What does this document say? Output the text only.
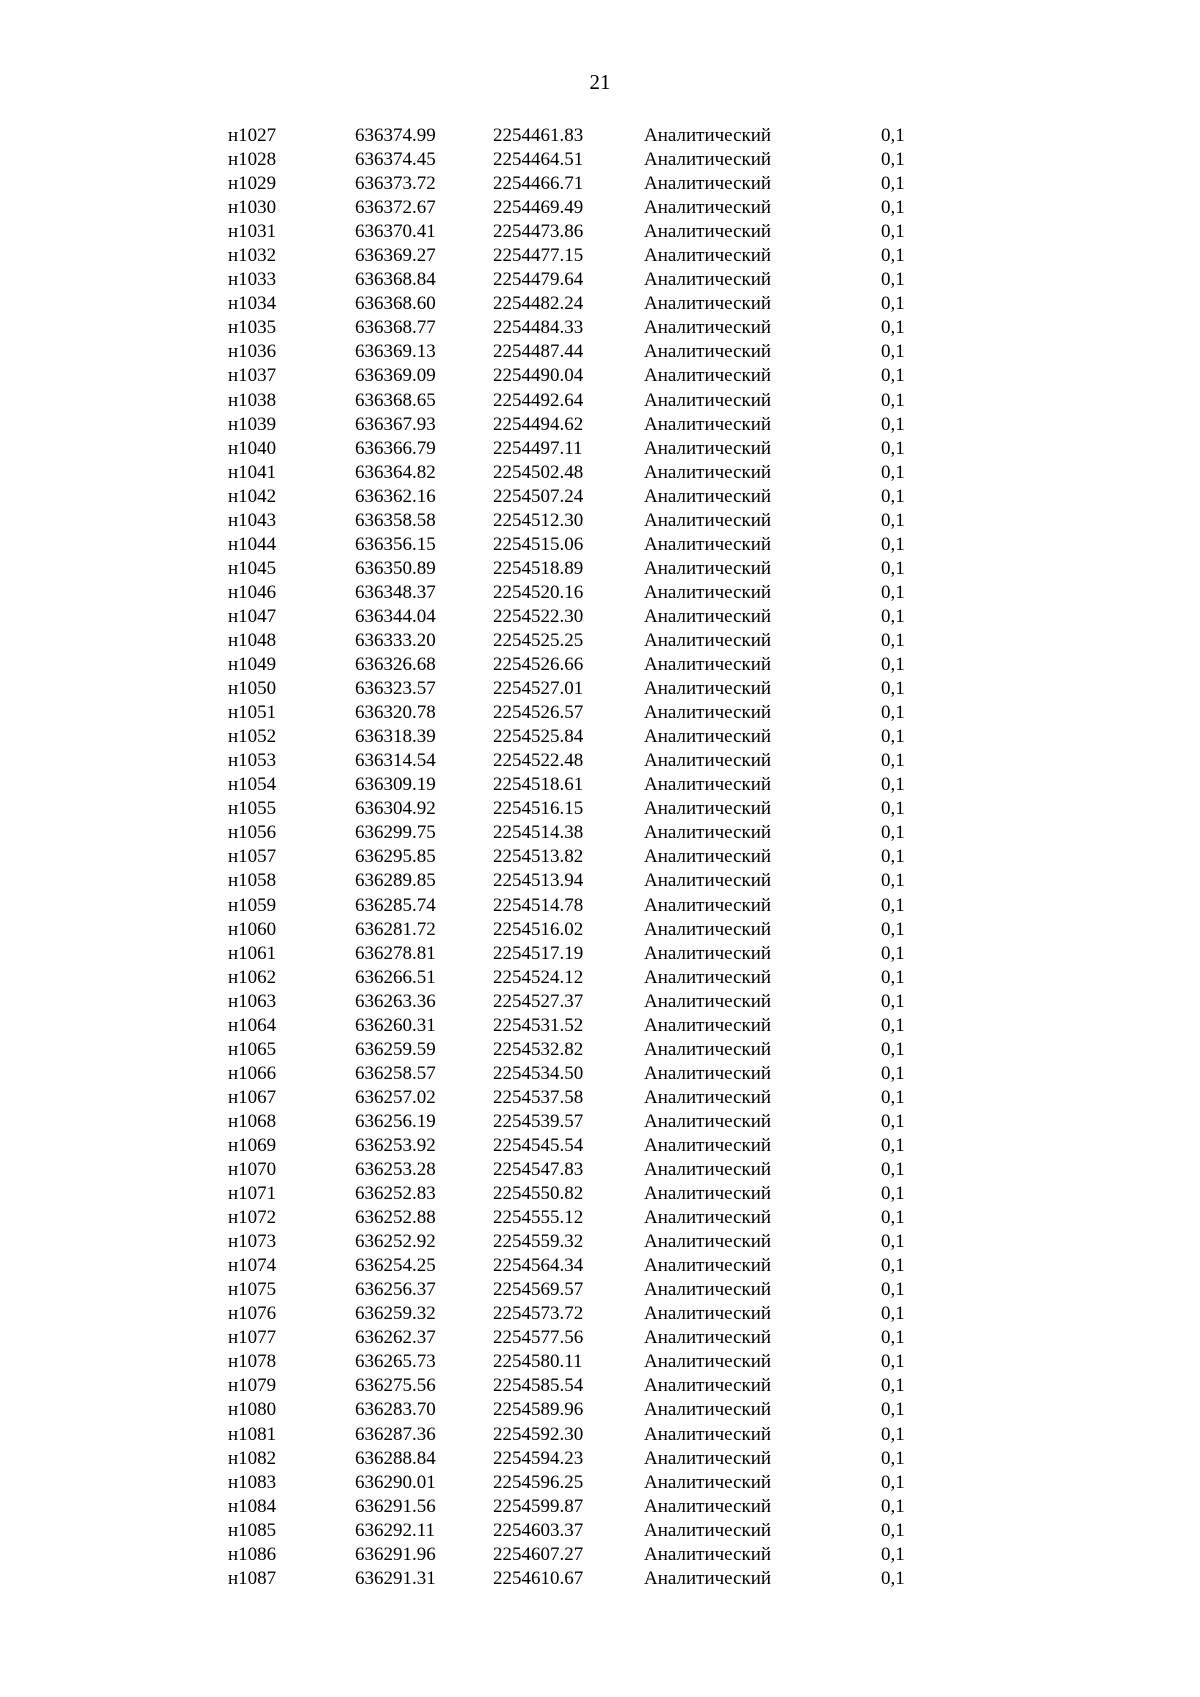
21
н1027	636374.99	2254461.83	Аналитический	0,1
н1028	636374.45	2254464.51	Аналитический	0,1
н1029	636373.72	2254466.71	Аналитический	0,1
н1030	636372.67	2254469.49	Аналитический	0,1
н1031	636370.41	2254473.86	Аналитический	0,1
н1032	636369.27	2254477.15	Аналитический	0,1
н1033	636368.84	2254479.64	Аналитический	0,1
н1034	636368.60	2254482.24	Аналитический	0,1
н1035	636368.77	2254484.33	Аналитический	0,1
н1036	636369.13	2254487.44	Аналитический	0,1
н1037	636369.09	2254490.04	Аналитический	0,1
н1038	636368.65	2254492.64	Аналитический	0,1
н1039	636367.93	2254494.62	Аналитический	0,1
н1040	636366.79	2254497.11	Аналитический	0,1
н1041	636364.82	2254502.48	Аналитический	0,1
н1042	636362.16	2254507.24	Аналитический	0,1
н1043	636358.58	2254512.30	Аналитический	0,1
н1044	636356.15	2254515.06	Аналитический	0,1
н1045	636350.89	2254518.89	Аналитический	0,1
н1046	636348.37	2254520.16	Аналитический	0,1
н1047	636344.04	2254522.30	Аналитический	0,1
н1048	636333.20	2254525.25	Аналитический	0,1
н1049	636326.68	2254526.66	Аналитический	0,1
н1050	636323.57	2254527.01	Аналитический	0,1
н1051	636320.78	2254526.57	Аналитический	0,1
н1052	636318.39	2254525.84	Аналитический	0,1
н1053	636314.54	2254522.48	Аналитический	0,1
н1054	636309.19	2254518.61	Аналитический	0,1
н1055	636304.92	2254516.15	Аналитический	0,1
н1056	636299.75	2254514.38	Аналитический	0,1
н1057	636295.85	2254513.82	Аналитический	0,1
н1058	636289.85	2254513.94	Аналитический	0,1
н1059	636285.74	2254514.78	Аналитический	0,1
н1060	636281.72	2254516.02	Аналитический	0,1
н1061	636278.81	2254517.19	Аналитический	0,1
н1062	636266.51	2254524.12	Аналитический	0,1
н1063	636263.36	2254527.37	Аналитический	0,1
н1064	636260.31	2254531.52	Аналитический	0,1
н1065	636259.59	2254532.82	Аналитический	0,1
н1066	636258.57	2254534.50	Аналитический	0,1
н1067	636257.02	2254537.58	Аналитический	0,1
н1068	636256.19	2254539.57	Аналитический	0,1
н1069	636253.92	2254545.54	Аналитический	0,1
н1070	636253.28	2254547.83	Аналитический	0,1
н1071	636252.83	2254550.82	Аналитический	0,1
н1072	636252.88	2254555.12	Аналитический	0,1
н1073	636252.92	2254559.32	Аналитический	0,1
н1074	636254.25	2254564.34	Аналитический	0,1
н1075	636256.37	2254569.57	Аналитический	0,1
н1076	636259.32	2254573.72	Аналитический	0,1
н1077	636262.37	2254577.56	Аналитический	0,1
н1078	636265.73	2254580.11	Аналитический	0,1
н1079	636275.56	2254585.54	Аналитический	0,1
н1080	636283.70	2254589.96	Аналитический	0,1
н1081	636287.36	2254592.30	Аналитический	0,1
н1082	636288.84	2254594.23	Аналитический	0,1
н1083	636290.01	2254596.25	Аналитический	0,1
н1084	636291.56	2254599.87	Аналитический	0,1
н1085	636292.11	2254603.37	Аналитический	0,1
н1086	636291.96	2254607.27	Аналитический	0,1
н1087	636291.31	2254610.67	Аналитический	0,1
